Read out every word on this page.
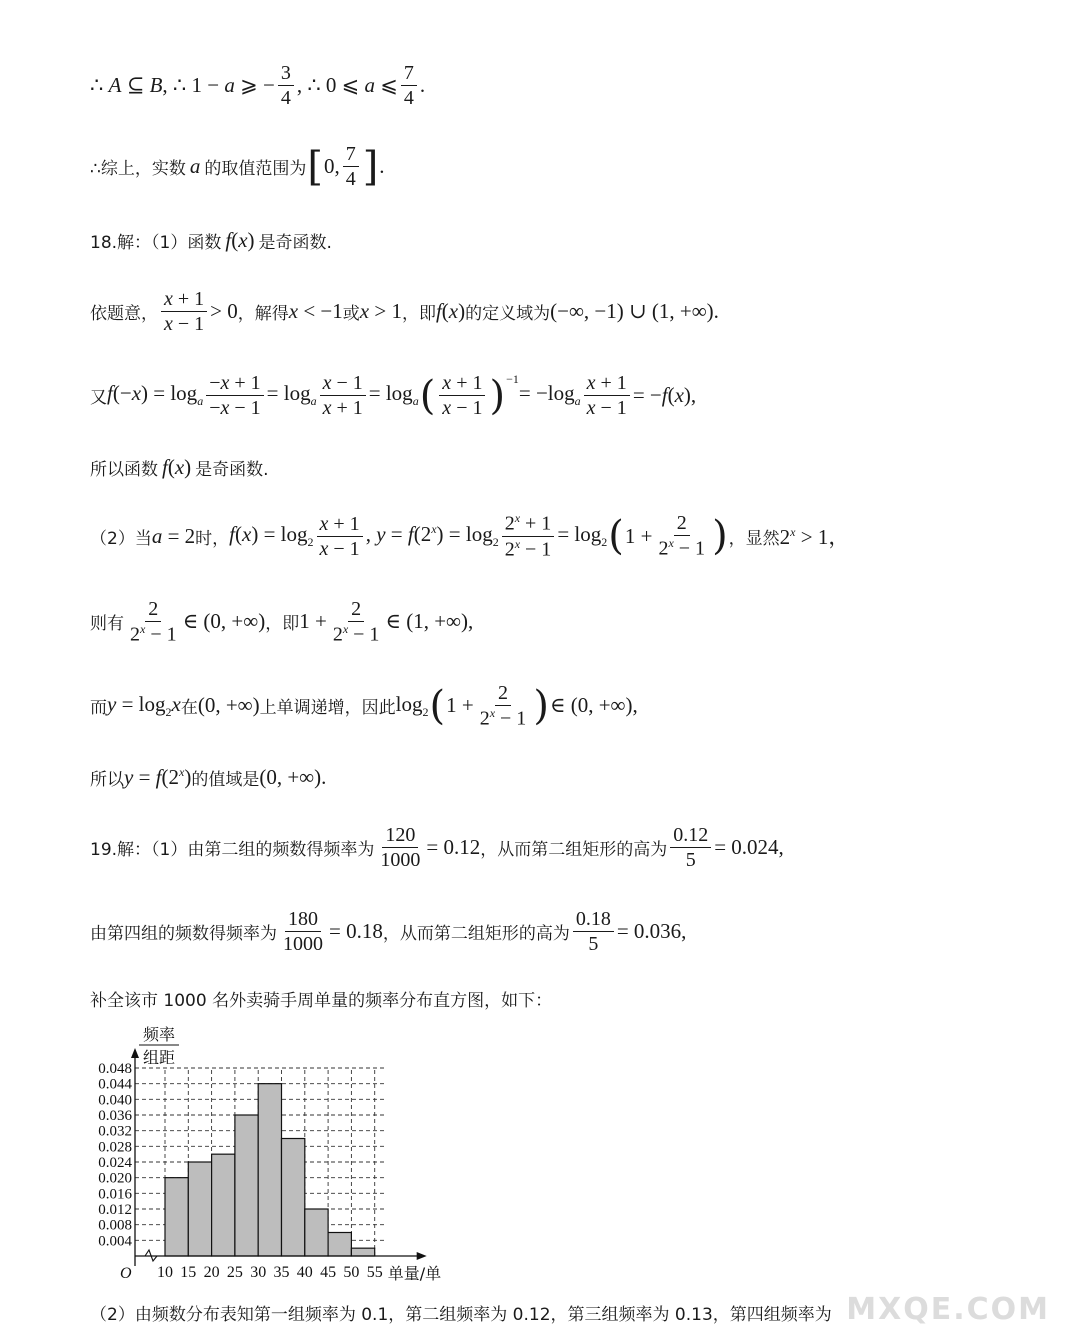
∴ A ⊆ B, ∴ 1 − a ⩾ − $\frac{3}{4}$ , ∴ 0 ⩽ a ⩽ $\frac{7}{4}$ .
∴综上，实数 a 的取值范围为 [ 0, $\frac{7}{4}$ ] .
18.解：（1）函数 f(x) 是奇函数.
依题意， $\frac{x + 1}{x - 1} > 0$ ，解得 x < −1 或 x > 1 ，即 f(x) 的定义域为 (−∞, −1) ∪ (1, +∞).
又 $f(-x) = \log_a \frac{-x + 1}{-x - 1} = \log_a \frac{x - 1}{x + 1} = \log_a$ ( $\frac{x + 1}{x - 1} )^{-1}$
= $-\log_a \frac{x + 1}{x - 1} = -f(x)$,
所以函数 f(x) 是奇函数.
（2）当 a = 2 时， $f(x) = \log_2 \frac{x + 1}{x - 1}$ , $y = f(2^x) = \log_2 \frac{2^x + 1}{2^x - 1} = \log_2$ ( $1 + \frac{2}{2^x - 1}$ ) ，显然 $2^x > 1$，
则有 $\frac{2}{2^x - 1}$ ∈ (0, +∞) ，即 $1 + \frac{2}{2^x - 1}$ ∈ (1, +∞),
而 $y = \log_2x$ 在 (0, +∞) 上单调递增，因此 $\log_2$ ( $1 + \frac{2}{2^x - 1}$ ) ∈ (0, +∞),
所以 $y = f(2^x)$ 的值域是 (0, +∞).
19.解：（1）由第二组的频数得频率为 $\frac{120}{1000} = 0.12$ ，从而第二组矩形的高为 $\frac{0.12}{5} = 0.024$,
由第四组的频数得频率为 $\frac{180}{1000} = 0.18$ ，从而第二组矩形的高为 $\frac{0.18}{5} = 0.036$,
补全该市 1000 名外卖骑手周单量的频率分布直方图，如下：
0.004
0.008
0.012
0.016
0.020
0.024
0.028
0.032
0.036
0.040
0.044
0.048
10 15 20 25 30 35 40 45 50 55
O
频率
组距
单量/单
（2）由频数分布表知第一组频率为 0.1，第二组频率为 0.12，第三组频率为 0.13，第四组频率为 MXQE.COM
